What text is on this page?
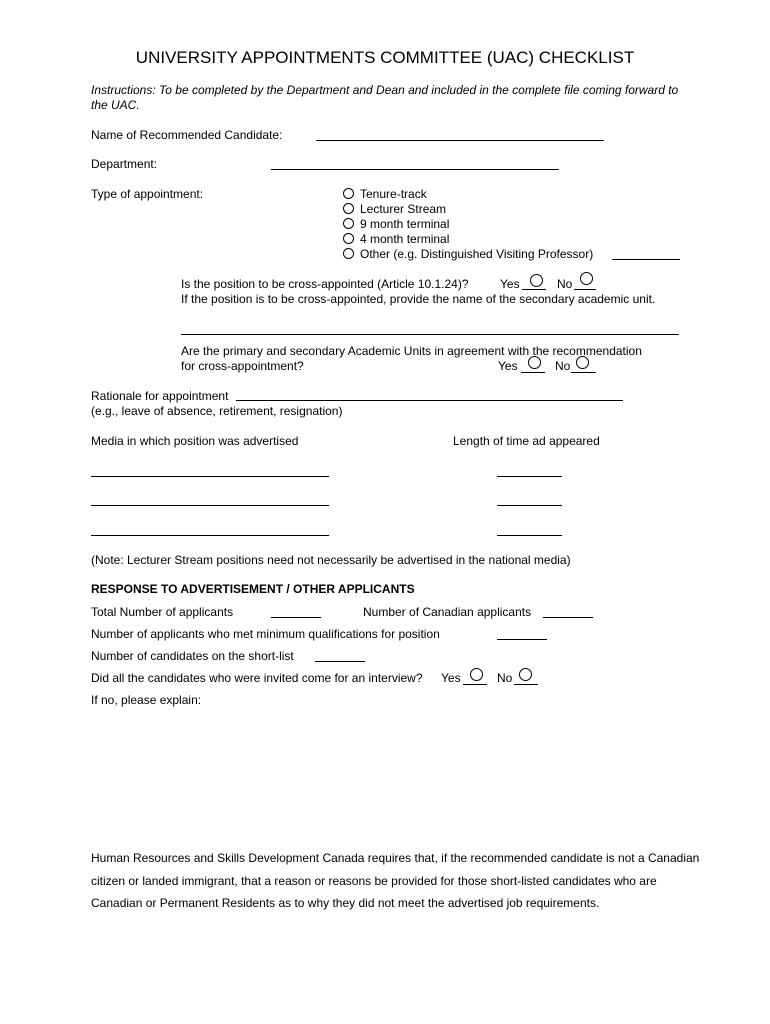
UNIVERSITY APPOINTMENTS COMMITTEE (UAC) CHECKLIST
Instructions: To be completed by the Department and Dean and included in the complete file coming forward to the UAC.
Name of Recommended Candidate:
Department:
Type of appointment:	Tenure-track
Lecturer Stream
9 month terminal
4 month terminal
Other (e.g. Distinguished Visiting Professor)
Is the position to be cross-appointed (Article 10.1.24)?	Yes	No
If the position is to be cross-appointed, provide the name of the secondary academic unit.
Are the primary and secondary Academic Units in agreement with the recommendation
for cross-appointment?	Yes	No
Rationale for appointment
(e.g., leave of absence, retirement, resignation)
Media in which position was advertised	Length of time ad appeared
(Note: Lecturer Stream positions need not necessarily be advertised in the national media)
RESPONSE TO ADVERTISEMENT / OTHER APPLICANTS
Total Number of applicants	Number of Canadian applicants
Number of applicants who met minimum qualifications for position
Number of candidates on the short-list
Did all the candidates who were invited come for an interview? Yes	No
If no, please explain:
Human Resources and Skills Development Canada requires that, if the recommended candidate is not a Canadian citizen or landed immigrant, that a reason or reasons be provided for those short-listed candidates who are Canadian or Permanent Residents as to why they did not meet the advertised job requirements.
